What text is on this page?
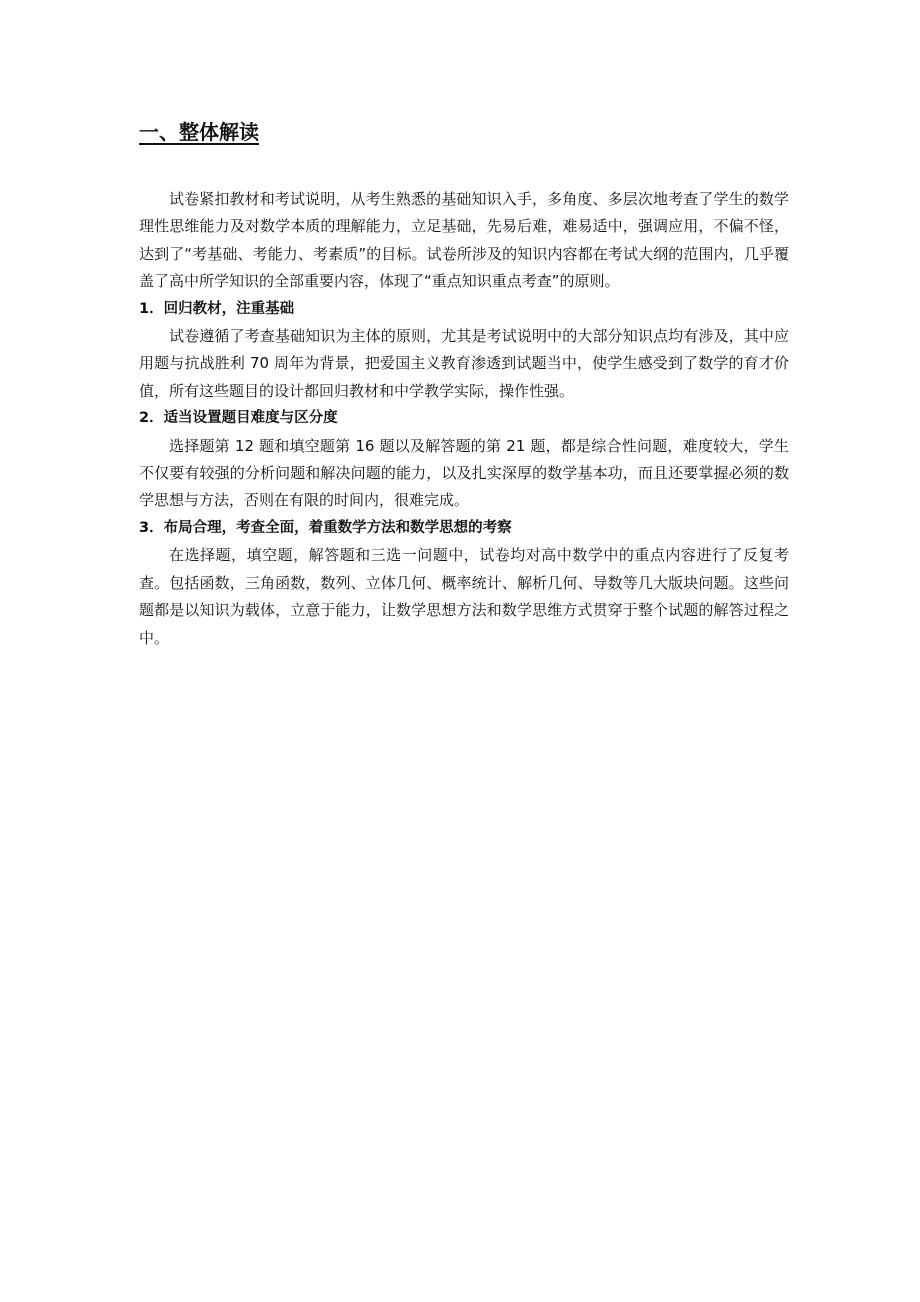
一、整体解读

试卷紧扣教材和考试说明，从考生熟悉的基础知识入手，多角度、多层次地考查了学生的数学理性思维能力及对数学本质的理解能力，立足基础，先易后难，难易适中，强调应用，不偏不怪，达到了“考基础、考能力、考素质”的目标。试卷所涉及的知识内容都在考试大纲的范围内，几乎覆盖了高中所学知识的全部重要内容，体现了“重点知识重点考查”的原则。

1．回归教材，注重基础

试卷遵循了考查基础知识为主体的原则，尤其是考试说明中的大部分知识点均有涉及，其中应用题与抗战胜利 70 周年为背景，把爱国主义教育渗透到试题当中，使学生感受到了数学的育才价值，所有这些题目的设计都回归教材和中学教学实际，操作性强。

2．适当设置题目难度与区分度

选择题第 12 题和填空题第 16 题以及解答题的第 21 题，都是综合性问题，难度较大，学生不仅要有较强的分析问题和解决问题的能力，以及扎实深厚的数学基本功，而且还要掌握必须的数学思想与方法，否则在有限的时间内，很难完成。

3．布局合理，考查全面，着重数学方法和数学思想的考察

在选择题，填空题，解答题和三选一问题中，试卷均对高中数学中的重点内容进行了反复考查。包括函数，三角函数，数列、立体几何、概率统计、解析几何、导数等几大版块问题。这些问题都是以知识为载体，立意于能力，让数学思想方法和数学思维方式贯穿于整个试题的解答过程之中。
